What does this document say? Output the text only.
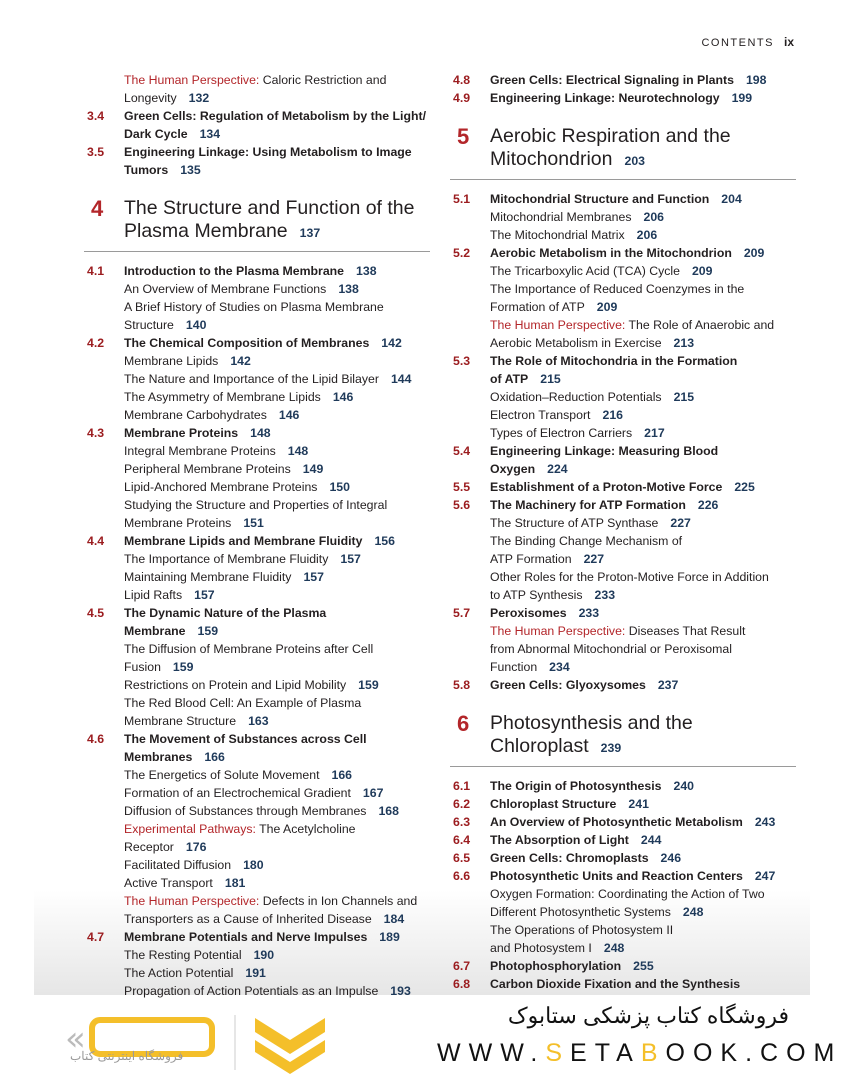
CONTENTS ix
The Human Perspective: Caloric Restriction and
Longevity 132
3.4 Green Cells: Regulation of Metabolism by the Light/
Dark Cycle 134
3.5 Engineering Linkage: Using Metabolism to Image
Tumors 135
4	The Structure and Function of the
Plasma Membrane 137
4.1 Introduction to the Plasma Membrane 138
An Overview of Membrane Functions 138
A Brief History of Studies on Plasma Membrane
Structure 140
4.2 The Chemical Composition of Membranes 142
Membrane Lipids 142
The Nature and Importance of the Lipid Bilayer 144
The Asymmetry of Membrane Lipids 146
Membrane Carbohydrates 146
4.3 Membrane Proteins 148
Integral Membrane Proteins 148
Peripheral Membrane Proteins 149
Lipid-Anchored Membrane Proteins 150
Studying the Structure and Properties of Integral
Membrane Proteins 151
4.4 Membrane Lipids and Membrane Fluidity 156
The Importance of Membrane Fluidity 157
Maintaining Membrane Fluidity 157
Lipid Rafts 157
4.5 The Dynamic Nature of the Plasma
Membrane 159
The Diffusion of Membrane Proteins after Cell
Fusion 159
Restrictions on Protein and Lipid Mobility 159
The Red Blood Cell: An Example of Plasma
Membrane Structure 163
4.6 The Movement of Substances across Cell
Membranes 166
The Energetics of Solute Movement 166
Formation of an Electrochemical Gradient 167
Diffusion of Substances through Membranes 168
Experimental Pathways: The Acetylcholine
Receptor 176
Facilitated Diffusion 180
Active Transport 181
The Human Perspective: Defects in Ion Channels and
Transporters as a Cause of Inherited Disease 184
4.7 Membrane Potentials and Nerve Impulses 189
The Resting Potential 190
The Action Potential 191
Propagation of Action Potentials as an Impulse 193
4.8 Green Cells: Electrical Signaling in Plants 198
4.9 Engineering Linkage: Neurotechnology 199
5	Aerobic Respiration and the
Mitochondrion 203
5.1 Mitochondrial Structure and Function 204
Mitochondrial Membranes 206
The Mitochondrial Matrix 206
5.2 Aerobic Metabolism in the Mitochondrion 209
The Tricarboxylic Acid (TCA) Cycle 209
The Importance of Reduced Coenzymes in the
Formation of ATP 209
The Human Perspective: The Role of Anaerobic and
Aerobic Metabolism in Exercise 213
5.3 The Role of Mitochondria in the Formation
of ATP 215
Oxidation–Reduction Potentials 215
Electron Transport 216
Types of Electron Carriers 217
5.4 Engineering Linkage: Measuring Blood
Oxygen 224
5.5 Establishment of a Proton-Motive Force 225
5.6 The Machinery for ATP Formation 226
The Structure of ATP Synthase 227
The Binding Change Mechanism of
ATP Formation 227
Other Roles for the Proton-Motive Force in Addition
to ATP Synthesis 233
5.7 Peroxisomes 233
The Human Perspective: Diseases That Result
from Abnormal Mitochondrial or Peroxisomal
Function 234
5.8 Green Cells: Glyoxysomes 237
6	Photosynthesis and the
Chloroplast 239
6.1 The Origin of Photosynthesis 240
6.2 Chloroplast Structure 241
6.3 An Overview of Photosynthetic Metabolism 243
6.4 The Absorption of Light 244
6.5 Green Cells: Chromoplasts 246
6.6 Photosynthetic Units and Reaction Centers 247
Oxygen Formation: Coordinating the Action of Two
Different Photosynthetic Systems 248
The Operations of Photosystem II
and Photosystem I 248
6.7 Photophosphorylation 255
6.8 Carbon Dioxide Fixation and the Synthesis
«
فروشگاه اینترنتی کتاب
فروشگاه کتاب پزشکی ستابوک
WWW.SETABOOK.COM
